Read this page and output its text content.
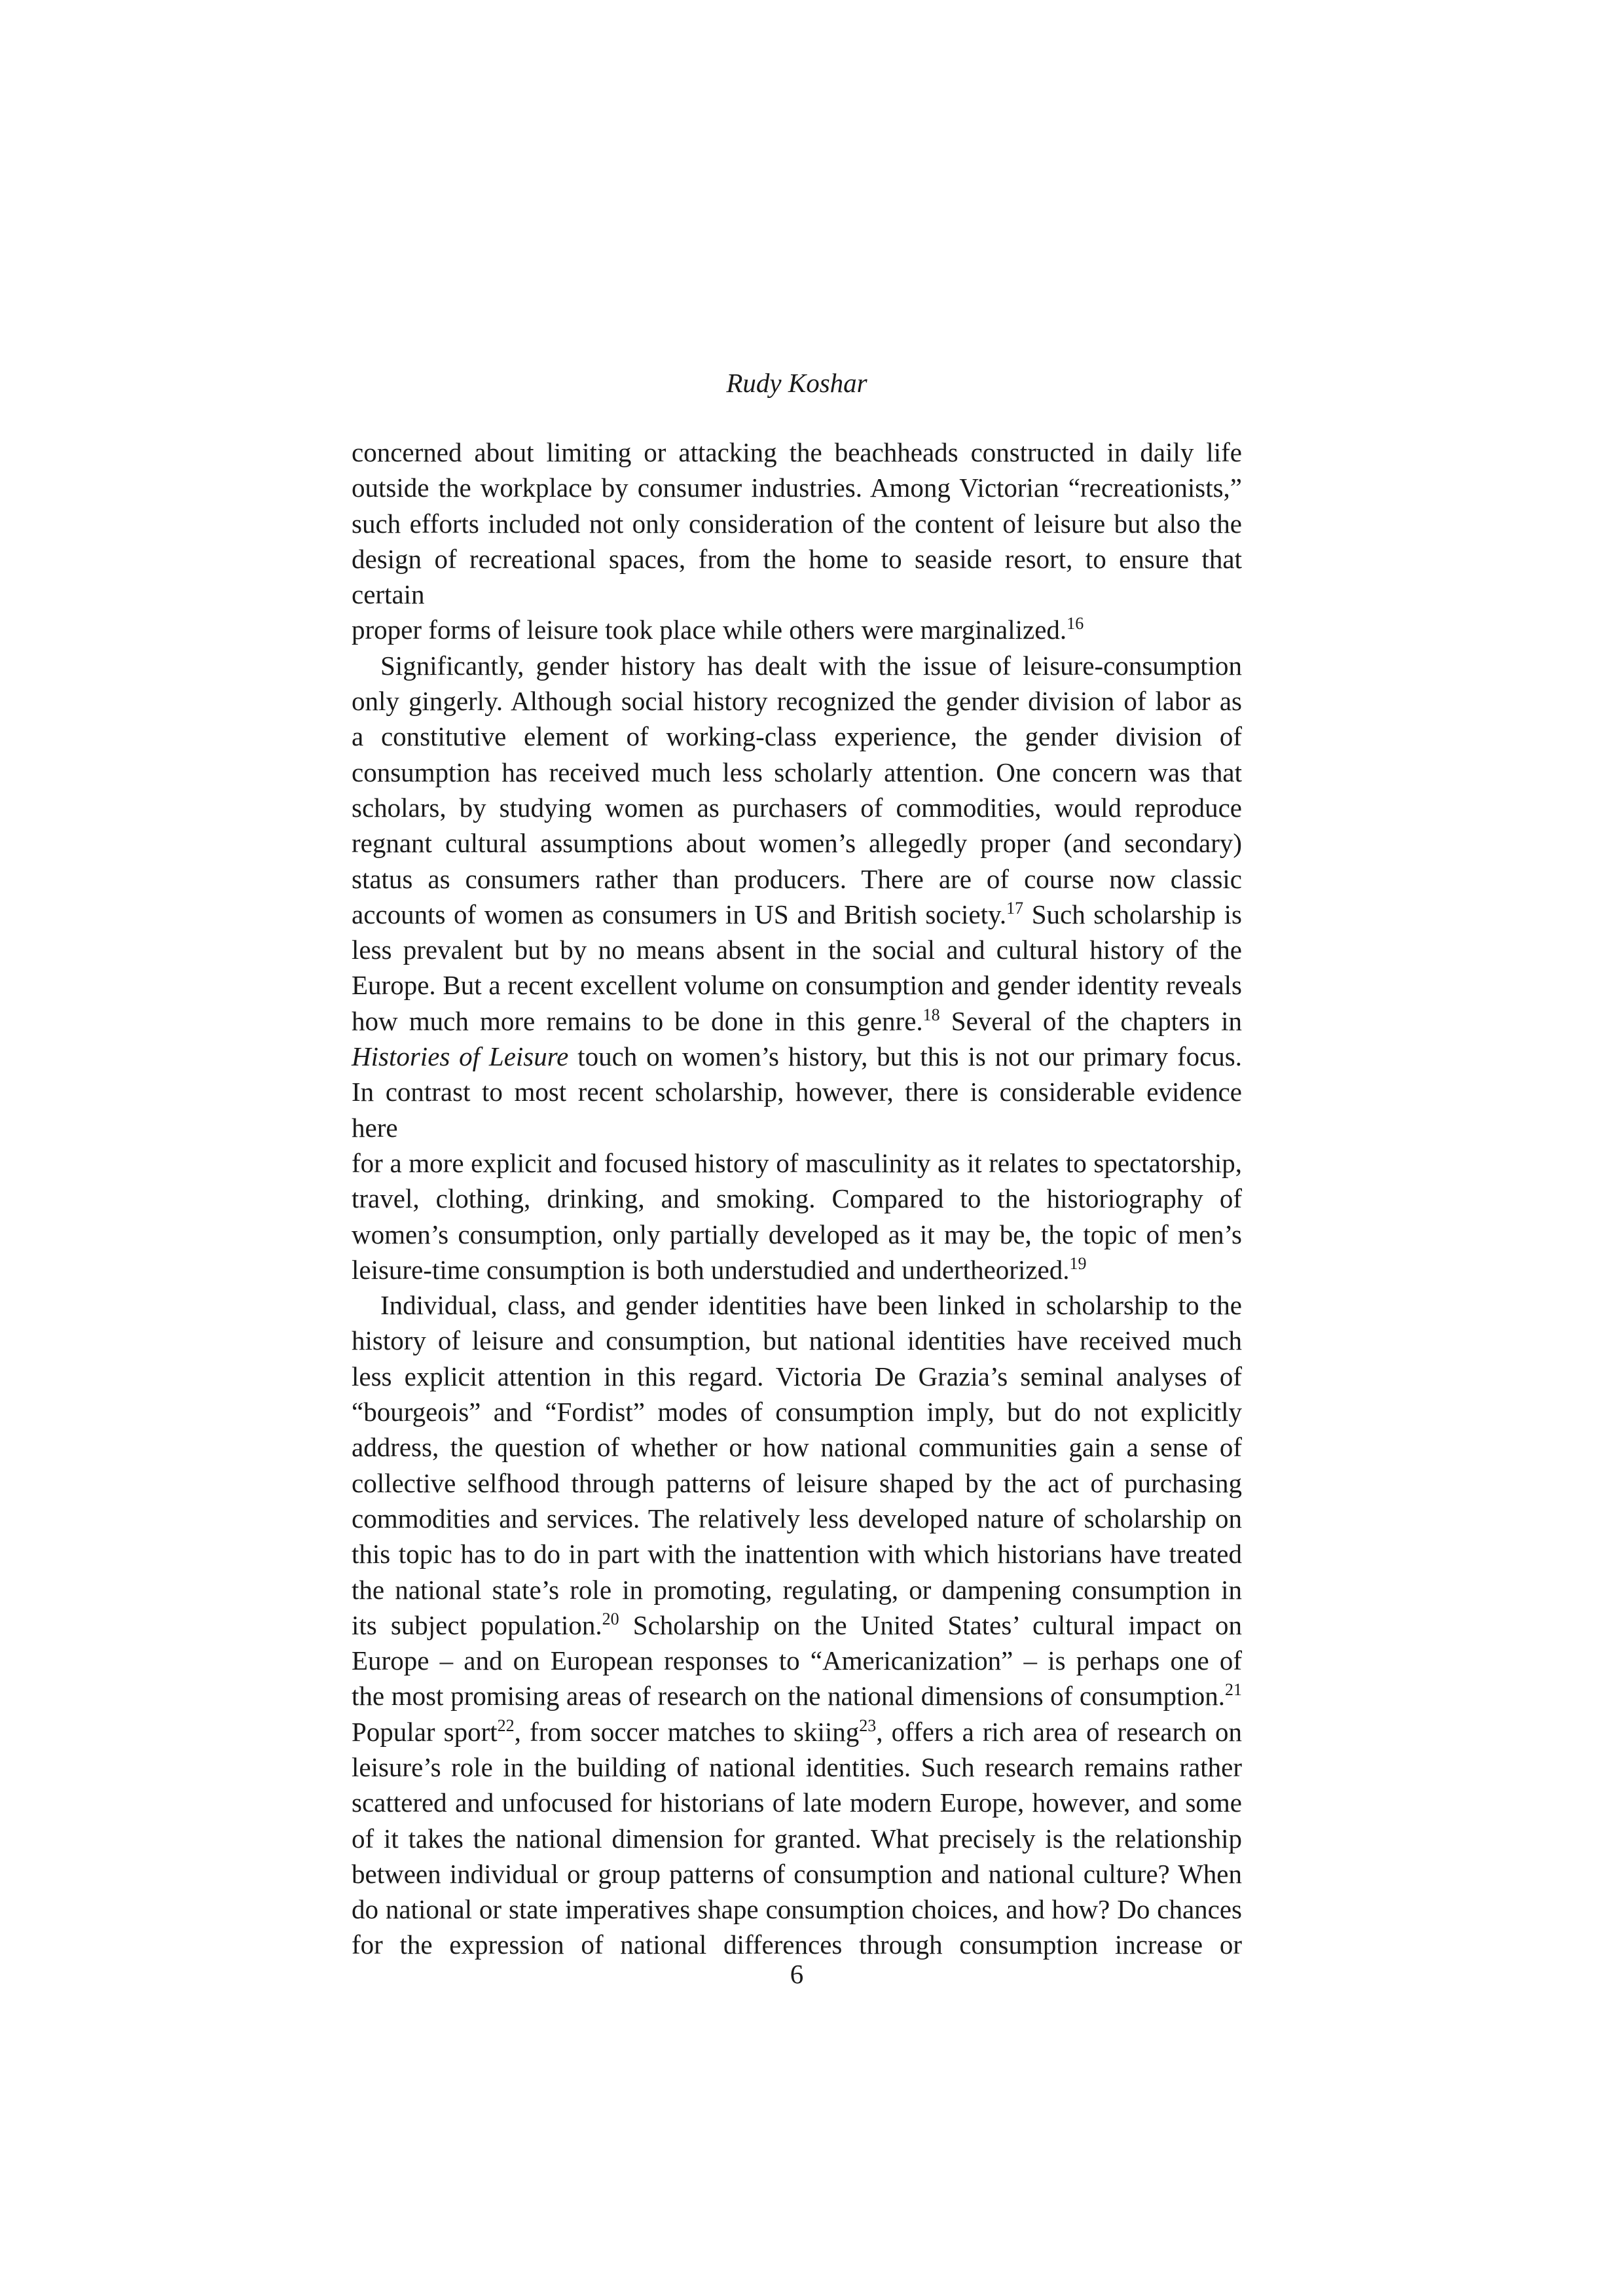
Rudy Koshar

concerned about limiting or attacking the beachheads constructed in daily life
outside the workplace by consumer industries. Among Victorian “recreationists,”
such efforts included not only consideration of the content of leisure but also the
design of recreational spaces, from the home to seaside resort, to ensure that certain
proper forms of leisure took place while others were marginalized.$^{16}$
Significantly, gender history has dealt with the issue of leisure-consumption
only gingerly. Although social history recognized the gender division of labor as
a constitutive element of working-class experience, the gender division of
consumption has received much less scholarly attention. One concern was that
scholars, by studying women as purchasers of commodities, would reproduce
regnant cultural assumptions about women’s allegedly proper (and secondary)
status as consumers rather than producers. There are of course now classic
accounts of women as consumers in US and British society.$^{17}$ Such scholarship is
less prevalent but by no means absent in the social and cultural history of the
Europe. But a recent excellent volume on consumption and gender identity reveals
how much more remains to be done in this genre.$^{18}$ Several of the chapters in
Histories of Leisure touch on women’s history, but this is not our primary focus.
In contrast to most recent scholarship, however, there is considerable evidence here
for a more explicit and focused history of masculinity as it relates to spectatorship,
travel, clothing, drinking, and smoking. Compared to the historiography of
women’s consumption, only partially developed as it may be, the topic of men’s
leisure-time consumption is both understudied and undertheorized.$^{19}$
Individual, class, and gender identities have been linked in scholarship to the
history of leisure and consumption, but national identities have received much
less explicit attention in this regard. Victoria De Grazia’s seminal analyses of
“bourgeois” and “Fordist” modes of consumption imply, but do not explicitly
address, the question of whether or how national communities gain a sense of
collective selfhood through patterns of leisure shaped by the act of purchasing
commodities and services. The relatively less developed nature of scholarship on
this topic has to do in part with the inattention with which historians have treated
the national state’s role in promoting, regulating, or dampening consumption in
its subject population.$^{20}$ Scholarship on the United States’ cultural impact on
Europe – and on European responses to “Americanization” – is perhaps one of
the most promising areas of research on the national dimensions of consumption.$^{21}$
Popular sport$^{22}$, from soccer matches to skiing$^{23}$, offers a rich area of research on
leisure’s role in the building of national identities. Such research remains rather
scattered and unfocused for historians of late modern Europe, however, and some
of it takes the national dimension for granted. What precisely is the relationship
between individual or group patterns of consumption and national culture? When
do national or state imperatives shape consumption choices, and how? Do chances
for the expression of national differences through consumption increase or

6
